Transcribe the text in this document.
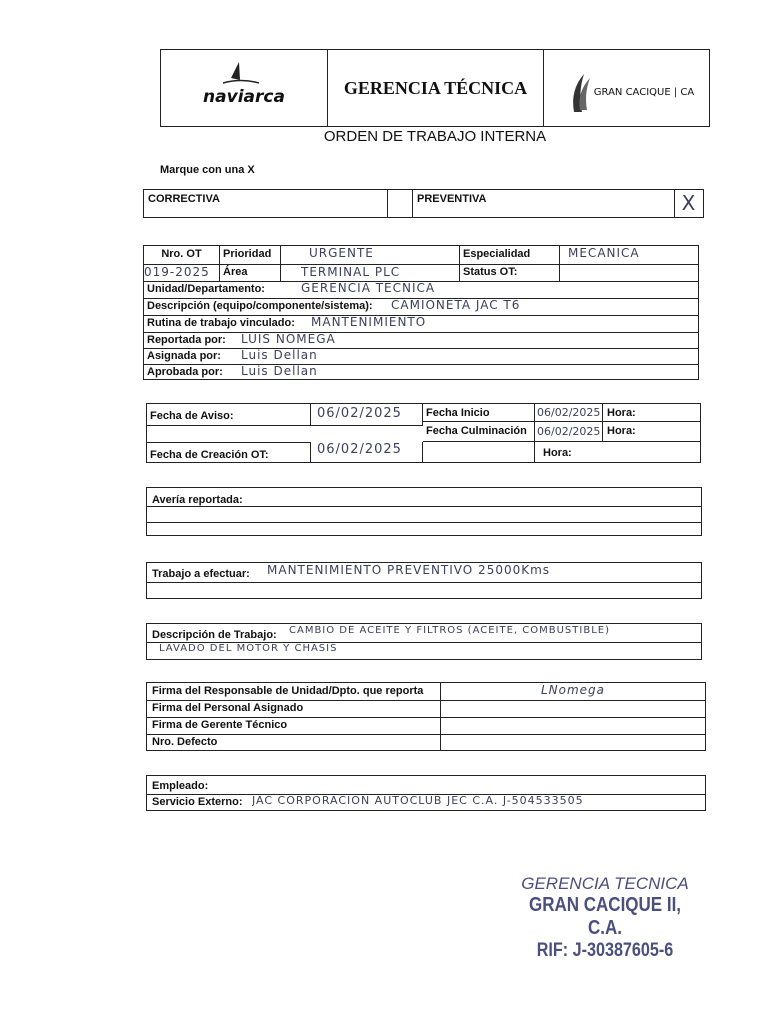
naviarca	GERENCIA TÉCNICA	GRAN CACIQUE | CA
ORDEN DE TRABAJO INTERNA
Marque con una X
CORRECTIVA	PREVENTIVA	X
Nro. OT	Prioridad	URGENTE	Especialidad	MECANICA
019-2025	Área	TERMINAL PLC	Status OT:
Unidad/Departamento:	GERENCIA TECNICA
Descripción (equipo/componente/sistema): CAMIONETA JAC T6
Rutina de trabajo vinculado: MANTENIMIENTO
Reportada por: LUIS NOMEGA
Asignada por: Luis Dellan
Aprobada por: Luis Dellan
Fecha de Aviso:	06/02/2025	Fecha Inicio	06/02/2025 Hora:
Fecha Culminación 06/02/2025 Hora:
Fecha de Creación OT:	06/02/2025	Hora:
Avería reportada:
Trabajo a efectuar: MANTENIMIENTO PREVENTIVO 25000Kms
Descripción de Trabajo: CAMBIO DE ACEITE Y FILTROS (ACEITE, COMBUSTIBLE)
LAVADO DEL MOTOR Y CHASIS
Firma del Responsable de Unidad/Dpto. que reporta	LNomega
Firma del Personal Asignado
Firma de Gerente Técnico
Nro. Defecto
Empleado:
Servicio Externo: JAC CORPORACION AUTOCLUB JEC C.A. J-504533505
GERENCIA TECNICA
GRAN CACIQUE II, C.A.
RIF: J-30387605-6
